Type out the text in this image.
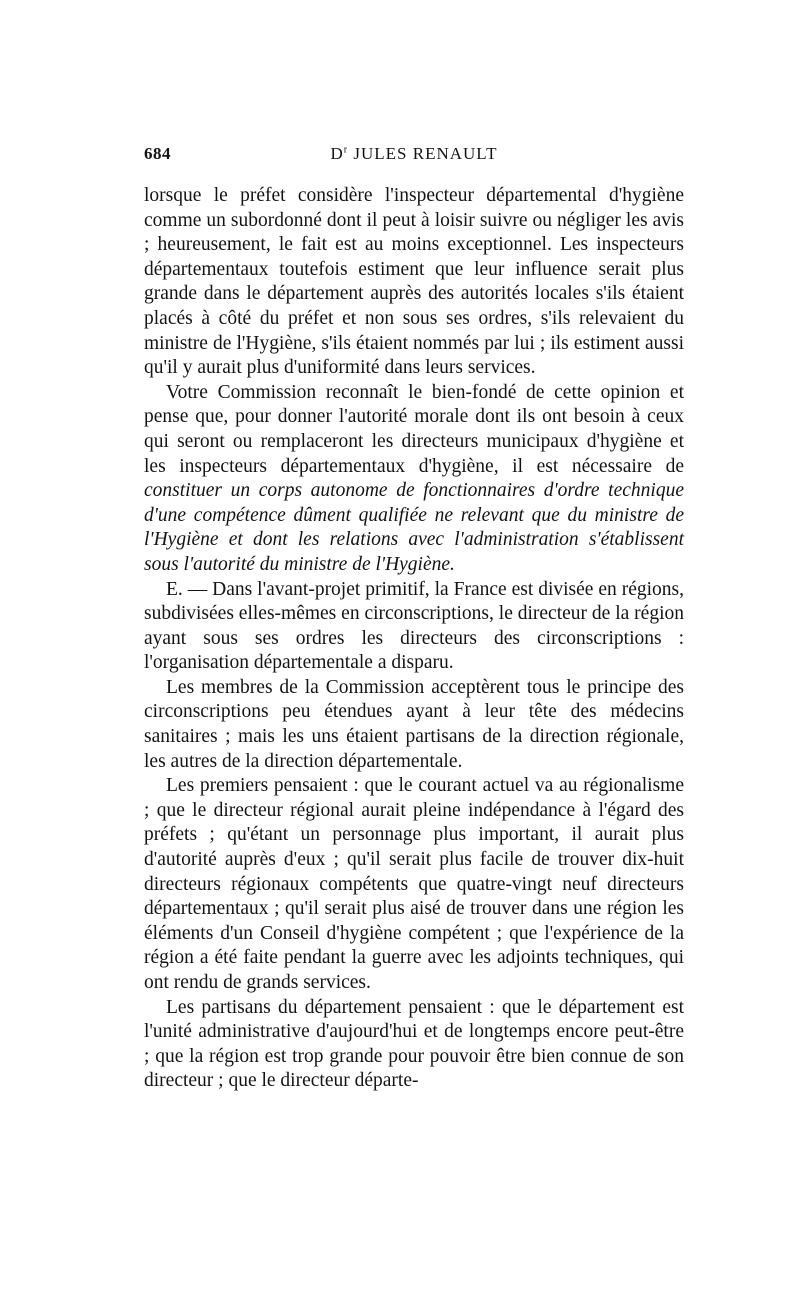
684	$D^r$ JULES RENAULT

lorsque le préfet considère l'inspecteur départemental d'hygiène comme un subordonné dont il peut à loisir suivre ou négliger les avis ; heureusement, le fait est au moins exceptionnel. Les inspecteurs départementaux toutefois estiment que leur influence serait plus grande dans le département auprès des autorités locales s'ils étaient placés à côté du préfet et non sous ses ordres, s'ils relevaient du ministre de l'Hygiène, s'ils étaient nommés par lui ; ils estiment aussi qu'il y aurait plus d'uniformité dans leurs services.

Votre Commission reconnaît le bien-fondé de cette opinion et pense que, pour donner l'autorité morale dont ils ont besoin à ceux qui seront ou remplaceront les directeurs municipaux d'hygiène et les inspecteurs départementaux d'hygiène, il est nécessaire de constituer un corps autonome de fonctionnaires d'ordre technique d'une compétence dûment qualifiée ne relevant que du ministre de l'Hygiène et dont les relations avec l'administration s'établissent sous l'autorité du ministre de l'Hygiène.

E. — Dans l'avant-projet primitif, la France est divisée en régions, subdivisées elles-mêmes en circonscriptions, le directeur de la région ayant sous ses ordres les directeurs des circonscriptions : l'organisation départementale a disparu.

Les membres de la Commission acceptèrent tous le principe des circonscriptions peu étendues ayant à leur tête des médecins sanitaires ; mais les uns étaient partisans de la direction régionale, les autres de la direction départementale.

Les premiers pensaient : que le courant actuel va au régionalisme ; que le directeur régional aurait pleine indépendance à l'égard des préfets ; qu'étant un personnage plus important, il aurait plus d'autorité auprès d'eux ; qu'il serait plus facile de trouver dix-huit directeurs régionaux compétents que quatre-vingt neuf directeurs départementaux ; qu'il serait plus aisé de trouver dans une région les éléments d'un Conseil d'hygiène compétent ; que l'expérience de la région a été faite pendant la guerre avec les adjoints techniques, qui ont rendu de grands services.

Les partisans du département pensaient : que le département est l'unité administrative d'aujourd'hui et de longtemps encore peut-être ; que la région est trop grande pour pouvoir être bien connue de son directeur ; que le directeur départe-
